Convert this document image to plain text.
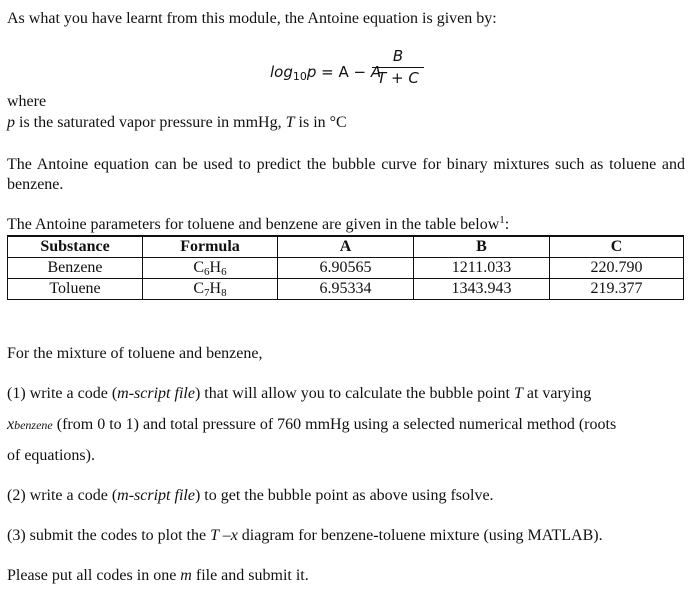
As what you have learnt from this module, the Antoine equation is given by:
$\log_{10}p = A - A$
B
T + C
where
p is the saturated vapor pressure in mmHg, T is in °C
The Antoine equation can be used to predict the bubble curve for binary mixtures such as toluene and benzene.
The Antoine parameters for toluene and benzene are given in the table below$^1$:
Substance	Formula	A	B	C
Benzene	$C_6H_6$	6.90565	1211.033	220.790
Toluene	$C_7H_8$	6.95334	1343.943	219.377
For the mixture of toluene and benzene,
(1) write a code (m-script file) that will allow you to calculate the bubble point T at varying
xbenzene (from 0 to 1) and total pressure of 760 mmHg using a selected numerical method (roots
of equations).
(2) write a code (m-script file) to get the bubble point as above using fsolve.
(3) submit the codes to plot the T –x diagram for benzene-toluene mixture (using MATLAB).
Please put all codes in one m file and submit it.
